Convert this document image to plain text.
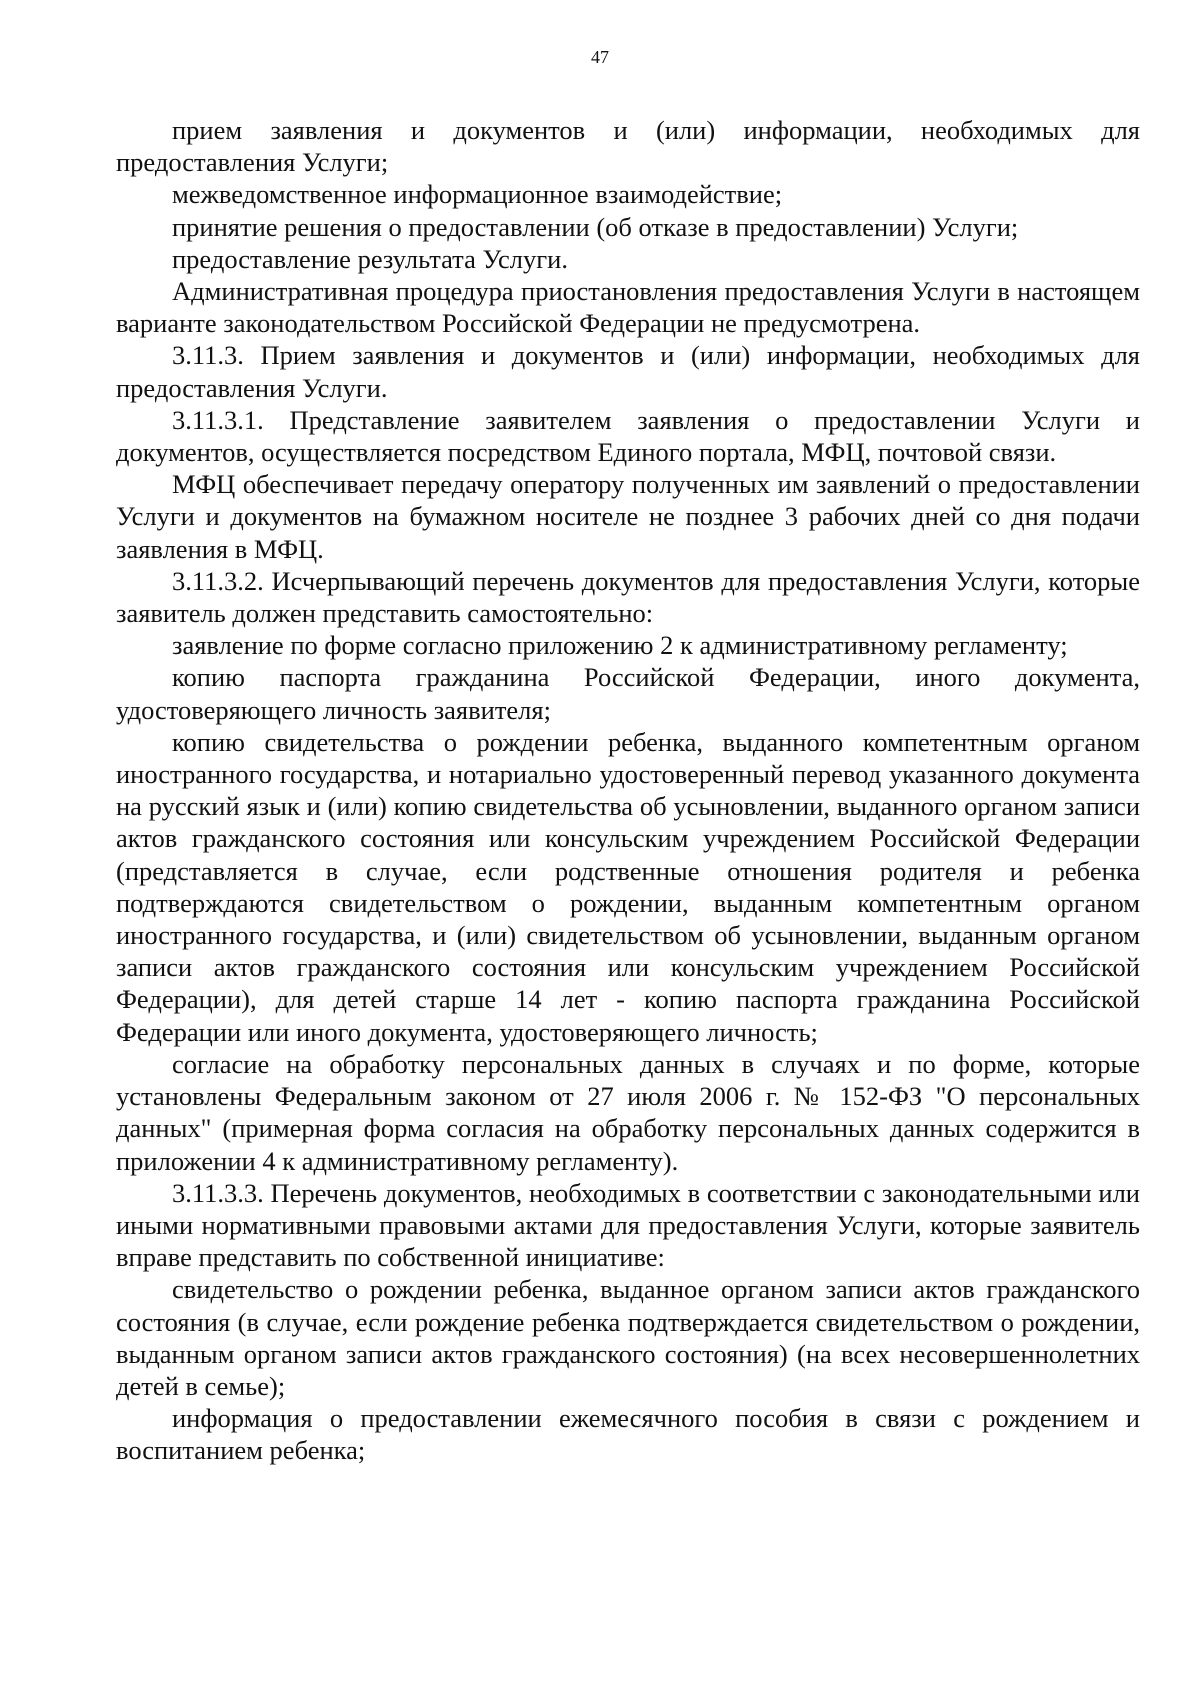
47

прием заявления и документов и (или) информации, необходимых для предоставления Услуги;

межведомственное информационное взаимодействие;

принятие решения о предоставлении (об отказе в предоставлении) Услуги;

предоставление результата Услуги.

Административная процедура приостановления предоставления Услуги в настоящем варианте законодательством Российской Федерации не предусмотрена.

3.11.3. Прием заявления и документов и (или) информации, необходимых для предоставления Услуги.

3.11.3.1. Представление заявителем заявления о предоставлении Услуги и документов, осуществляется посредством Единого портала, МФЦ, почтовой связи.

МФЦ обеспечивает передачу оператору полученных им заявлений о предоставлении Услуги и документов на бумажном носителе не позднее 3 рабочих дней со дня подачи заявления в МФЦ.

3.11.3.2. Исчерпывающий перечень документов для предоставления Услуги, которые заявитель должен представить самостоятельно:

заявление по форме согласно приложению 2 к административному регламенту;

копию паспорта гражданина Российской Федерации, иного документа, удостоверяющего личность заявителя;

копию свидетельства о рождении ребенка, выданного компетентным органом иностранного государства, и нотариально удостоверенный перевод указанного документа на русский язык и (или) копию свидетельства об усыновлении, выданного органом записи актов гражданского состояния или консульским учреждением Российской Федерации (представляется в случае, если родственные отношения родителя и ребенка подтверждаются свидетельством о рождении, выданным компетентным органом иностранного государства, и (или) свидетельством об усыновлении, выданным органом записи актов гражданского состояния или консульским учреждением Российской Федерации), для детей старше 14 лет - копию паспорта гражданина Российской Федерации или иного документа, удостоверяющего личность;

согласие на обработку персональных данных в случаях и по форме, которые установлены Федеральным законом от 27 июля 2006 г. № 152-ФЗ "О персональных данных" (примерная форма согласия на обработку персональных данных содержится в приложении 4 к административному регламенту).

3.11.3.3. Перечень документов, необходимых в соответствии с законодательными или иными нормативными правовыми актами для предоставления Услуги, которые заявитель вправе представить по собственной инициативе:

свидетельство о рождении ребенка, выданное органом записи актов гражданского состояния (в случае, если рождение ребенка подтверждается свидетельством о рождении, выданным органом записи актов гражданского состояния) (на всех несовершеннолетних детей в семье);

информация о предоставлении ежемесячного пособия в связи с рождением и воспитанием ребенка;
